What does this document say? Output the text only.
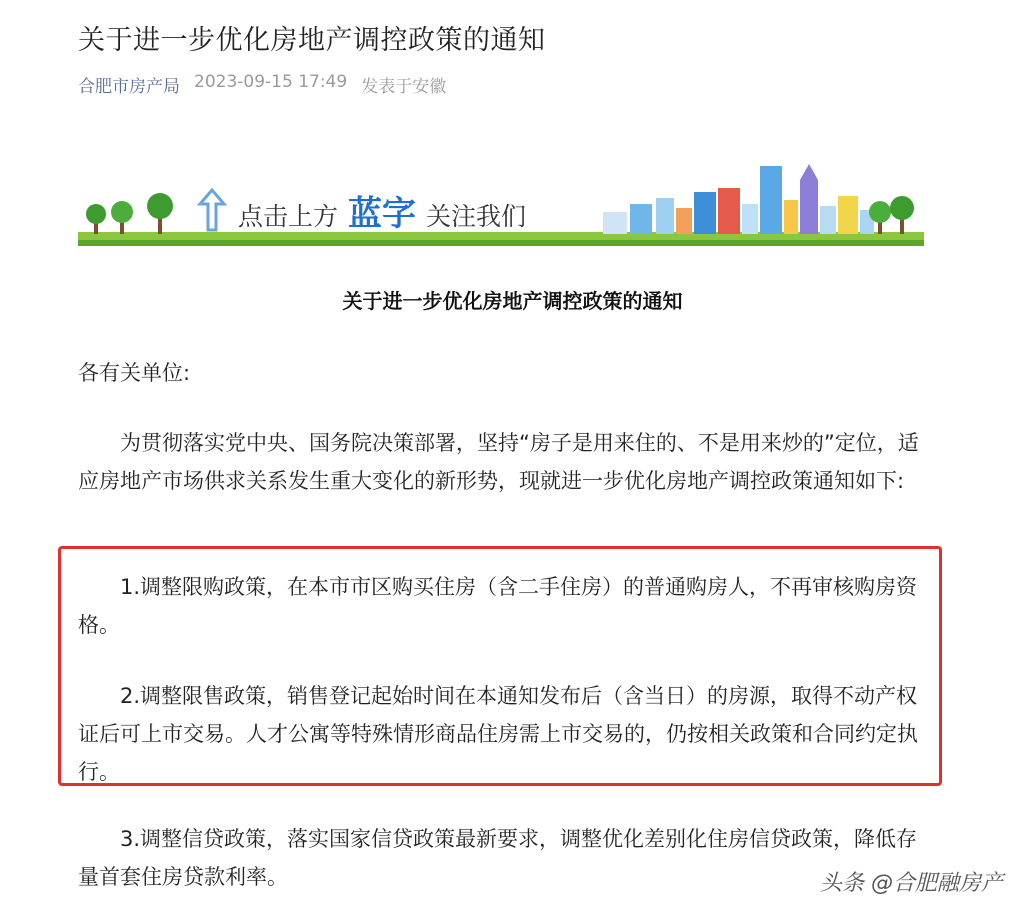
关于进一步优化房地产调控政策的通知
合肥市房产局 2023-09-15 17:49 发表于安徽
点击上方 蓝字 关注我们
关于进一步优化房地产调控政策的通知

各有关单位:

为贯彻落实党中央、国务院决策部署，坚持“房子是用来住的、不是用来炒的”定位，适应房地产市场供求关系发生重大变化的新形势，现就进一步优化房地产调控政策通知如下:

1.调整限购政策，在本市市区购买住房（含二手住房）的普通购房人，不再审核购房资格。

2.调整限售政策，销售登记起始时间在本通知发布后（含当日）的房源，取得不动产权证后可上市交易。人才公寓等特殊情形商品住房需上市交易的，仍按相关政策和合同约定执行。

3.调整信贷政策，落实国家信贷政策最新要求，调整优化差别化住房信贷政策，降低存量首套住房贷款利率。	头条 @合肥融房产
